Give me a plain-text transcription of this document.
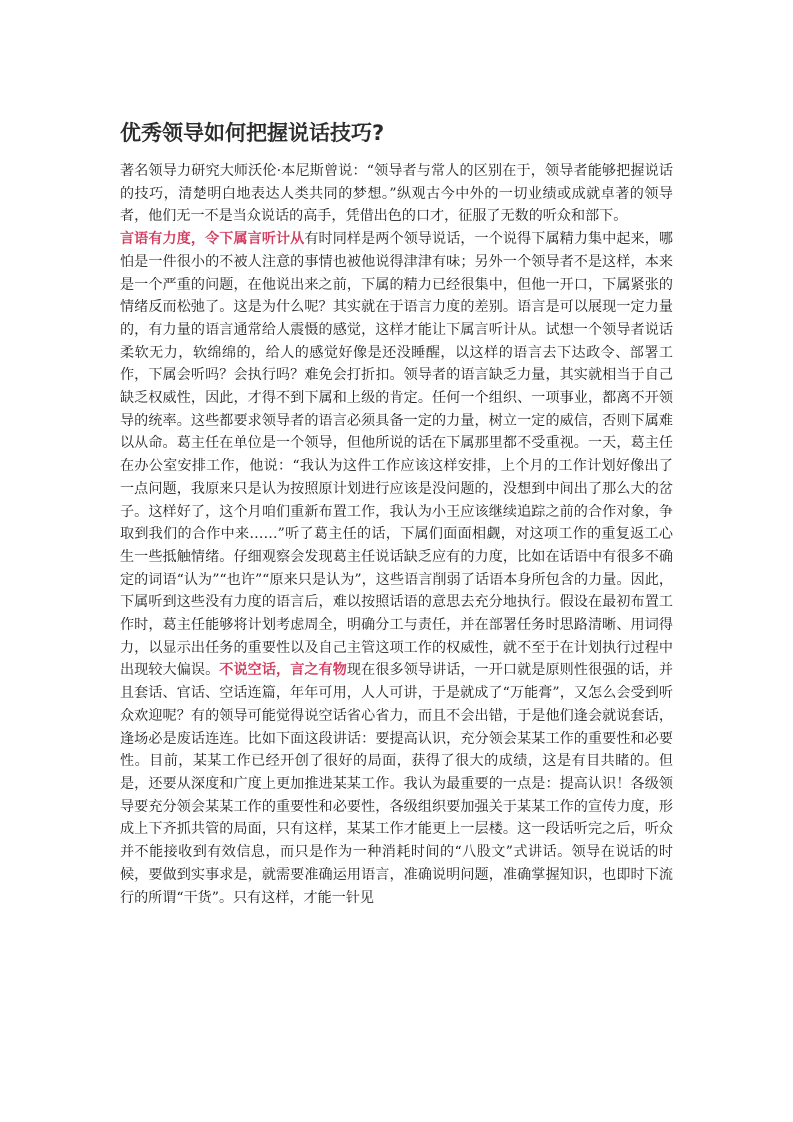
优秀领导如何把握说话技巧?

著名领导力研究大师沃伦·本尼斯曾说：“领导者与常人的区别在于，领导者能够把握说话的技巧，清楚明白地表达人类共同的梦想。”纵观古今中外的一切业绩或成就卓著的领导者，他们无一不是当众说话的高手，凭借出色的口才，征服了无数的听众和部下。

言语有力度，令下属言听计从有时同样是两个领导说话，一个说得下属精力集中起来，哪怕是一件很小的不被人注意的事情也被他说得津津有味；另外一个领导者不是这样，本来是一个严重的问题，在他说出来之前，下属的精力已经很集中，但他一开口，下属紧张的情绪反而松弛了。这是为什么呢？其实就在于语言力度的差别。语言是可以展现一定力量的，有力量的语言通常给人震慑的感觉，这样才能让下属言听计从。试想一个领导者说话柔软无力，软绵绵的，给人的感觉好像是还没睡醒，以这样的语言去下达政令、部署工作，下属会听吗？会执行吗？难免会打折扣。领导者的语言缺乏力量，其实就相当于自己缺乏权威性，因此，才得不到下属和上级的肯定。任何一个组织、一项事业，都离不开领导的统率。这些都要求领导者的语言必须具备一定的力量，树立一定的威信，否则下属难以从命。葛主任在单位是一个领导，但他所说的话在下属那里都不受重视。一天，葛主任在办公室安排工作，他说：“我认为这件工作应该这样安排，上个月的工作计划好像出了一点问题，我原来只是认为按照原计划进行应该是没问题的，没想到中间出了那么大的岔子。这样好了，这个月咱们重新布置工作，我认为小王应该继续追踪之前的合作对象，争取到我们的合作中来……”听了葛主任的话，下属们面面相觑，对这项工作的重复返工心生一些抵触情绪。仔细观察会发现葛主任说话缺乏应有的力度，比如在话语中有很多不确定的词语“认为”“也许”“原来只是认为”，这些语言削弱了话语本身所包含的力量。因此，下属听到这些没有力度的语言后，难以按照话语的意思去充分地执行。假设在最初布置工作时，葛主任能够将计划考虑周全，明确分工与责任，并在部署任务时思路清晰、用词得力，以显示出任务的重要性以及自己主管这项工作的权威性，就不至于在计划执行过程中出现较大偏误。不说空话，言之有物现在很多领导讲话，一开口就是原则性很强的话，并且套话、官话、空话连篇，年年可用，人人可讲，于是就成了“万能膏”，又怎么会受到听众欢迎呢？有的领导可能觉得说空话省心省力，而且不会出错，于是他们逢会就说套话，逢场必是废话连连。比如下面这段讲话：要提高认识，充分领会某某工作的重要性和必要性。目前，某某工作已经开创了很好的局面，获得了很大的成绩，这是有目共睹的。但是，还要从深度和广度上更加推进某某工作。我认为最重要的一点是：提高认识！各级领导要充分领会某某工作的重要性和必要性，各级组织要加强关于某某工作的宣传力度，形成上下齐抓共管的局面，只有这样，某某工作才能更上一层楼。这一段话听完之后，听众并不能接收到有效信息，而只是作为一种消耗时间的“八股文”式讲话。领导在说话的时候，要做到实事求是，就需要准确运用语言，准确说明问题，准确掌握知识，也即时下流行的所谓“干货”。只有这样，才能一针见
